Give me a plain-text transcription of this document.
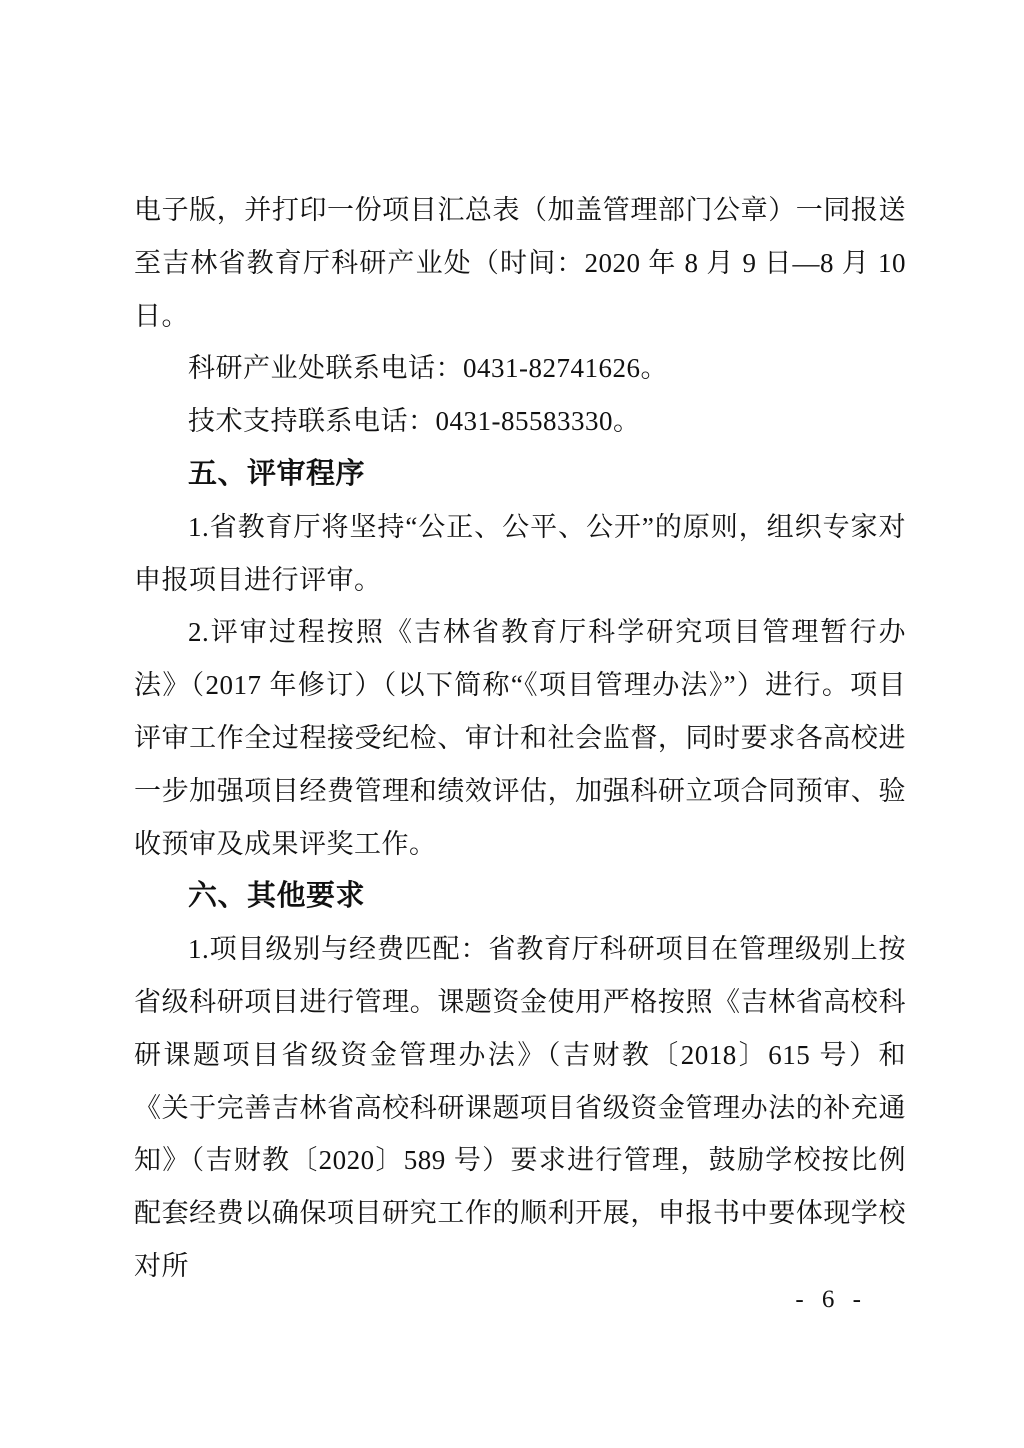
电子版，并打印一份项目汇总表（加盖管理部门公章）一同报送至吉林省教育厅科研产业处（时间：2020 年 8 月 9 日—8 月 10 日。

科研产业处联系电话：0431-82741626。

技术支持联系电话：0431-85583330。

五、评审程序

1.省教育厅将坚持“公正、公平、公开”的原则，组织专家对申报项目进行评审。

2.评审过程按照《吉林省教育厅科学研究项目管理暂行办法》（2017 年修订）（以下简称“《项目管理办法》”）进行。项目评审工作全过程接受纪检、审计和社会监督，同时要求各高校进一步加强项目经费管理和绩效评估，加强科研立项合同预审、验收预审及成果评奖工作。

六、其他要求

1.项目级别与经费匹配：省教育厅科研项目在管理级别上按省级科研项目进行管理。课题资金使用严格按照《吉林省高校科研课题项目省级资金管理办法》（吉财教〔2018〕615 号）和《关于完善吉林省高校科研课题项目省级资金管理办法的补充通知》（吉财教〔2020〕589 号）要求进行管理，鼓励学校按比例配套经费以确保项目研究工作的顺利开展，申报书中要体现学校对所

- 6 -
